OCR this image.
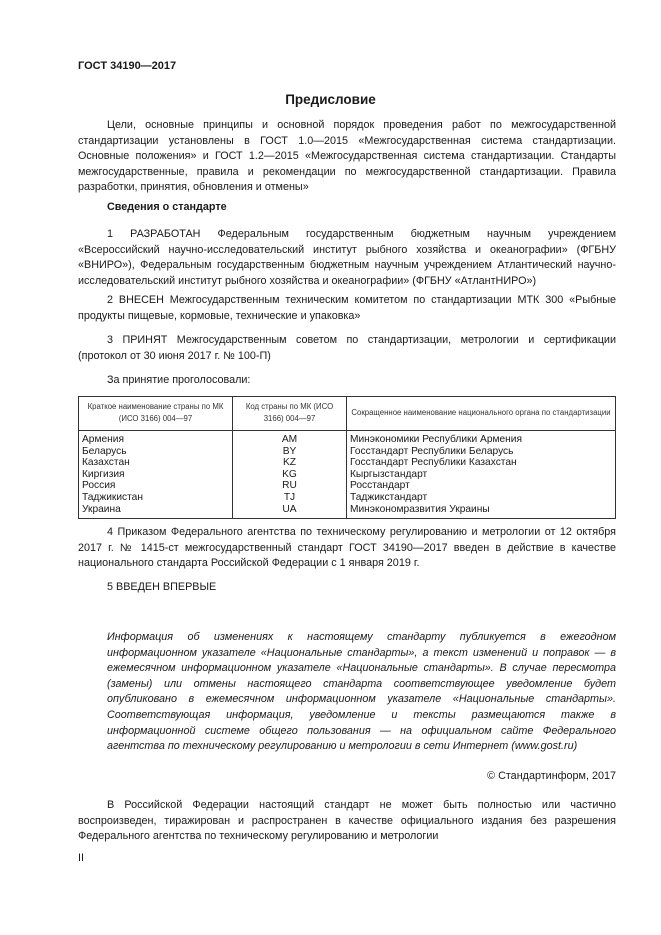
ГОСТ 34190—2017
Предисловие
Цели, основные принципы и основной порядок проведения работ по межгосударственной стандартизации установлены в ГОСТ 1.0—2015 «Межгосударственная система стандартизации. Основные положения» и ГОСТ 1.2—2015 «Межгосударственная система стандартизации. Стандарты межгосударственные, правила и рекомендации по межгосударственной стандартизации. Правила разработки, принятия, обновления и отмены»
Сведения о стандарте
1 РАЗРАБОТАН Федеральным государственным бюджетным научным учреждением «Всероссийский научно-исследовательский институт рыбного хозяйства и океанографии» (ФГБНУ «ВНИРО»), Федеральным государственным бюджетным научным учреждением Атлантический научно-исследовательский институт рыбного хозяйства и океанографии» (ФГБНУ «АтлантНИРО»)
2 ВНЕСЕН Межгосударственным техническим комитетом по стандартизации МТК 300 «Рыбные продукты пищевые, кормовые, технические и упаковка»
3 ПРИНЯТ Межгосударственным советом по стандартизации, метрологии и сертификации (протокол от 30 июня 2017 г. № 100-П)
За принятие проголосовали:
Краткое наименование страны по МК (ИСО 3166) 004—97	Код страны по МК (ИСО 3166) 004—97	Сокращенное наименование национального органа по стандартизации
Армения	AM	Минэкономики Республики Армения
Беларусь	BY	Госстандарт Республики Беларусь
Казахстан	KZ	Госстандарт Республики Казахстан
Киргизия	KG	Кыргызстандарт
Россия	RU	Росстандарт
Таджикистан	TJ	Таджикстандарт
Украина	UA	Минэкономразвития Украины
4 Приказом Федерального агентства по техническому регулированию и метрологии от 12 октября 2017 г. № 1415-ст межгосударственный стандарт ГОСТ 34190—2017 введен в действие в качестве национального стандарта Российской Федерации с 1 января 2019 г.
5 ВВЕДЕН ВПЕРВЫЕ
Информация об изменениях к настоящему стандарту публикуется в ежегодном информационном указателе «Национальные стандарты», а текст изменений и поправок — в ежемесячном информационном указателе «Национальные стандарты». В случае пересмотра (замены) или отмены настоящего стандарта соответствующее уведомление будет опубликовано в ежемесячном информационном указателе «Национальные стандарты». Соответствующая информация, уведомление и тексты размещаются также в информационной системе общего пользования — на официальном сайте Федерального агентства по техническому регулированию и метрологии в сети Интернет (www.gost.ru)
© Стандартинформ, 2017
В Российской Федерации настоящий стандарт не может быть полностью или частично воспроизведен, тиражирован и распространен в качестве официального издания без разрешения Федерального агентства по техническому регулированию и метрологии
II
